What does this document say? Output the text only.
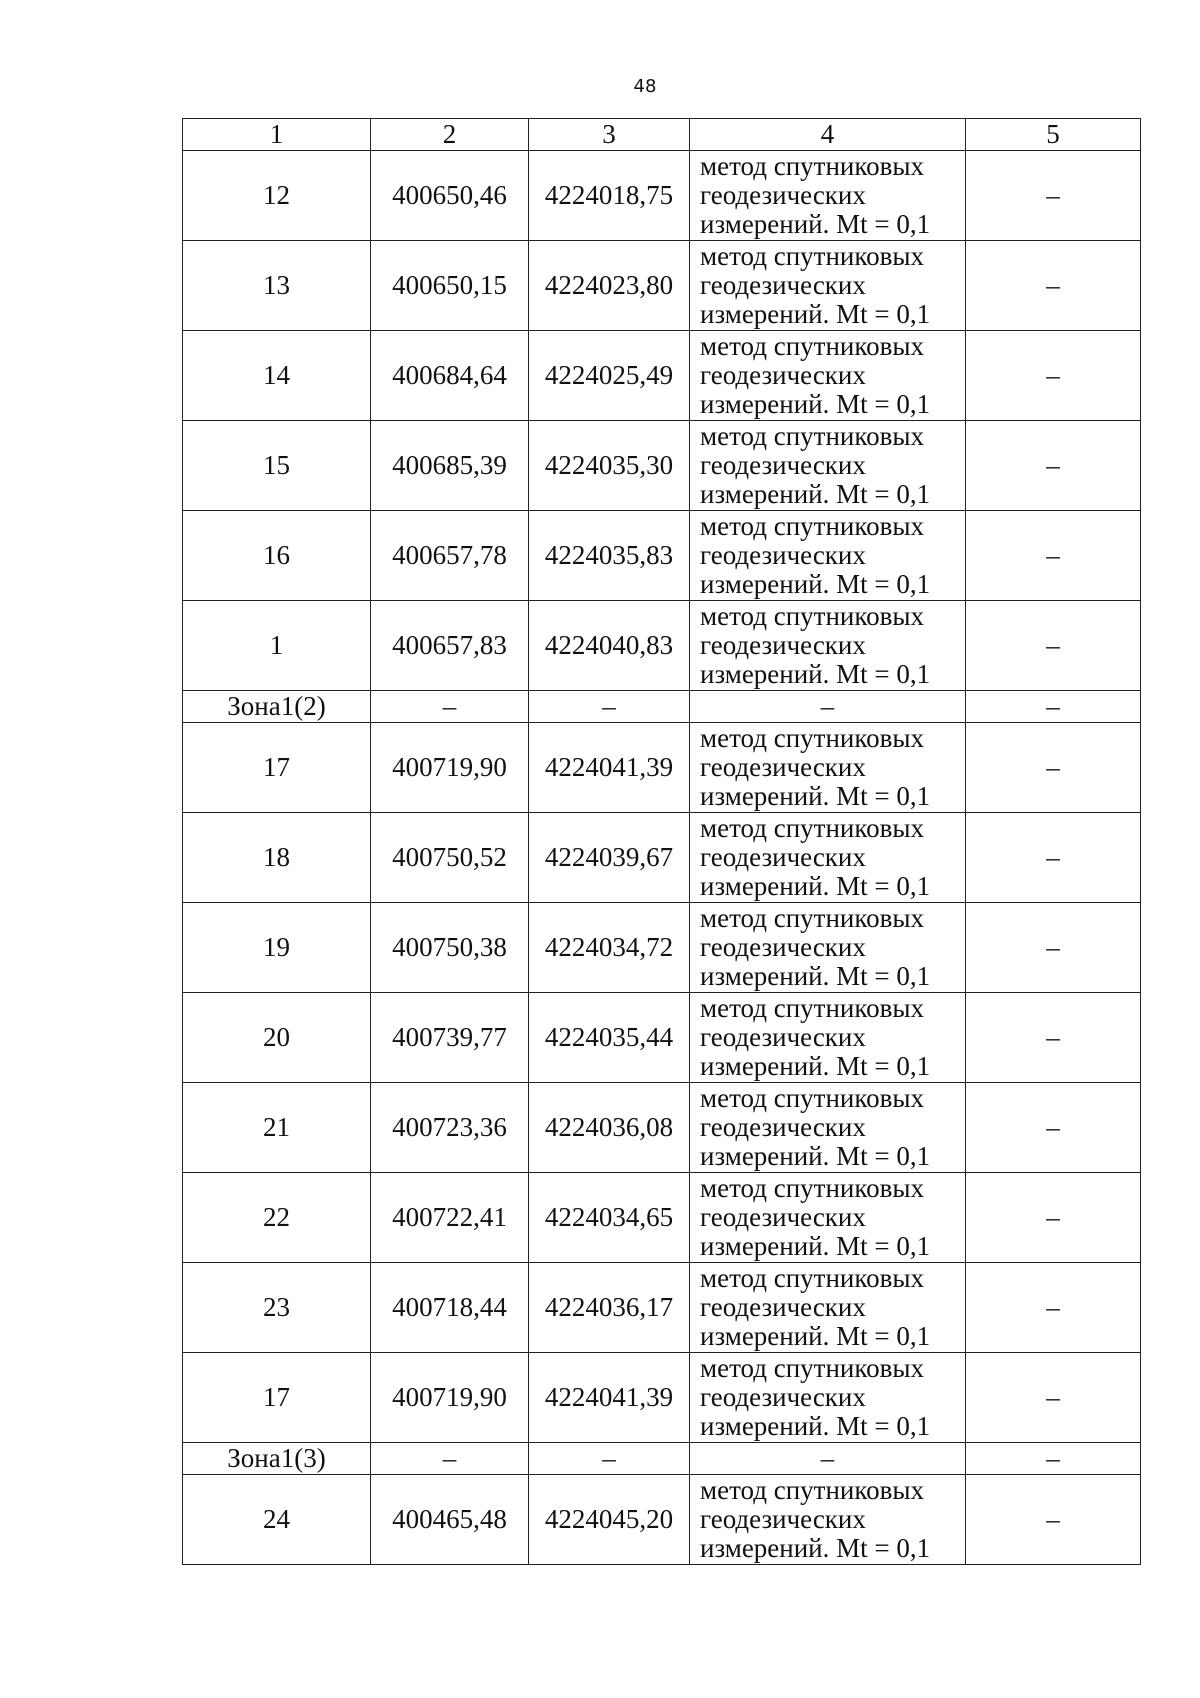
48
1	2	3	4	5
12	400650,46	4224018,75	метод спутниковых
геодезических
измерений. Mt = 0,1	–
13	400650,15	4224023,80	метод спутниковых
геодезических
измерений. Mt = 0,1	–
14	400684,64	4224025,49	метод спутниковых
геодезических
измерений. Mt = 0,1	–
15	400685,39	4224035,30	метод спутниковых
геодезических
измерений. Mt = 0,1	–
16	400657,78	4224035,83	метод спутниковых
геодезических
измерений. Mt = 0,1	–
1	400657,83	4224040,83	метод спутниковых
геодезических
измерений. Mt = 0,1	–
Зона1(2)	–	–	–	–
17	400719,90	4224041,39	метод спутниковых
геодезических
измерений. Mt = 0,1	–
18	400750,52	4224039,67	метод спутниковых
геодезических
измерений. Mt = 0,1	–
19	400750,38	4224034,72	метод спутниковых
геодезических
измерений. Mt = 0,1	–
20	400739,77	4224035,44	метод спутниковых
геодезических
измерений. Mt = 0,1	–
21	400723,36	4224036,08	метод спутниковых
геодезических
измерений. Mt = 0,1	–
22	400722,41	4224034,65	метод спутниковых
геодезических
измерений. Mt = 0,1	–
23	400718,44	4224036,17	метод спутниковых
геодезических
измерений. Mt = 0,1	–
17	400719,90	4224041,39	метод спутниковых
геодезических
измерений. Mt = 0,1	–
Зона1(3)	–	–	–	–
24	400465,48	4224045,20	метод спутниковых
геодезических
измерений. Mt = 0,1	–
